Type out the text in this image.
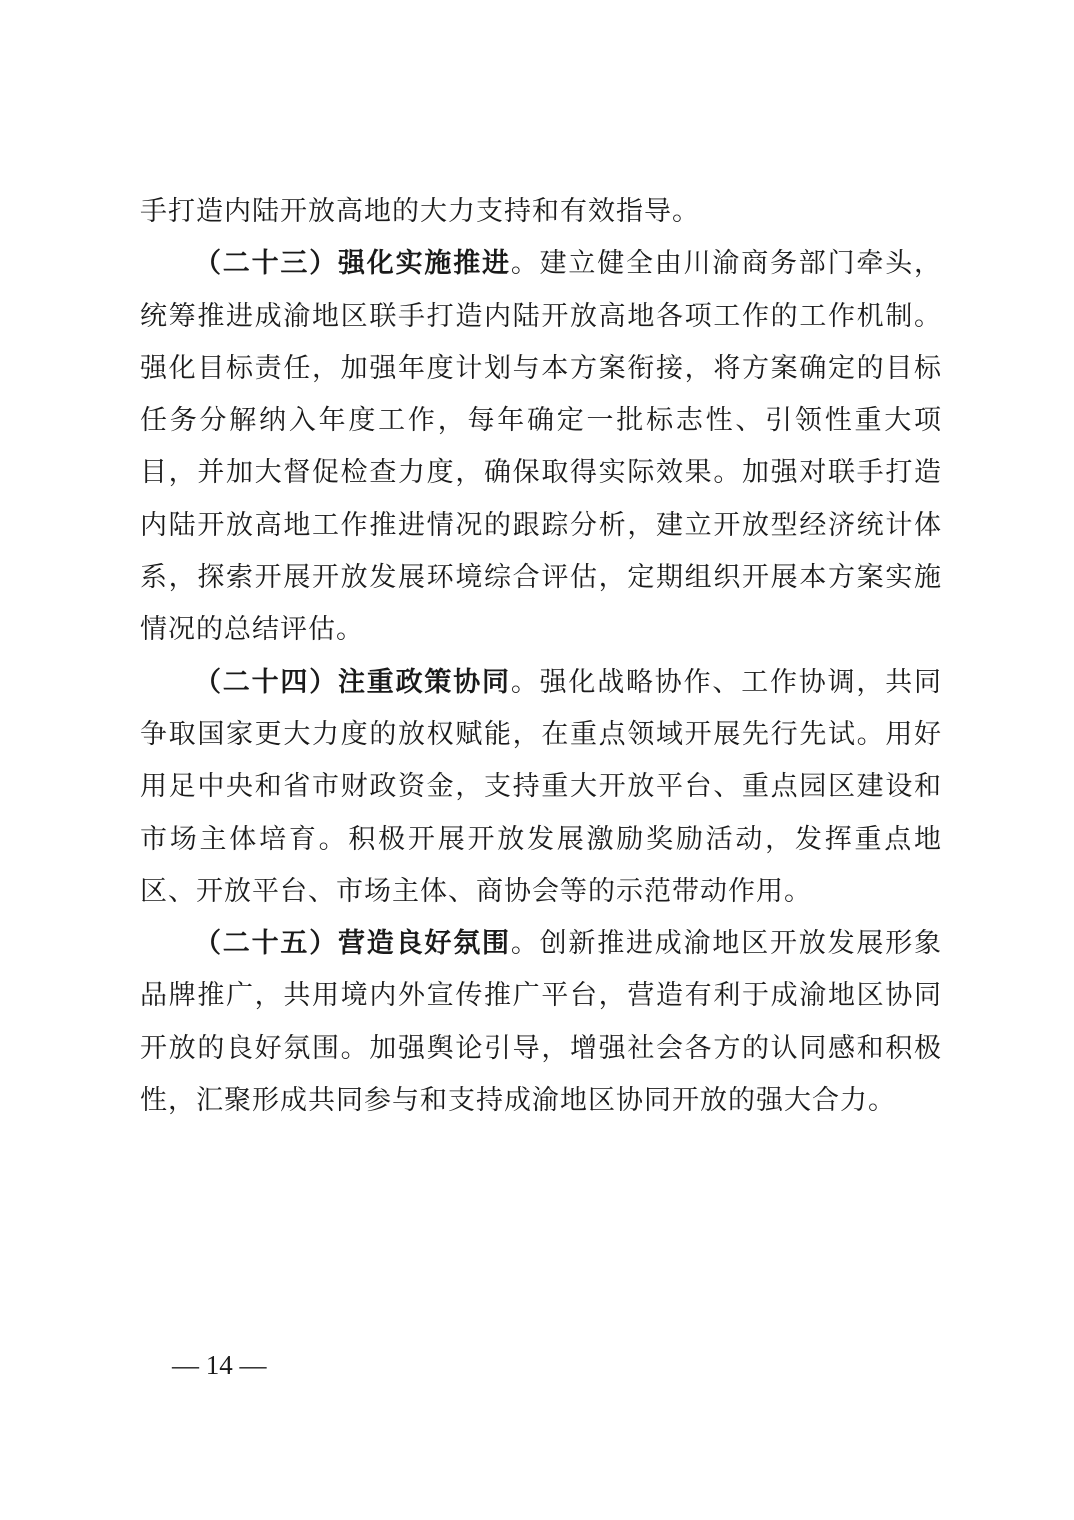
手打造内陆开放高地的大力支持和有效指导。

（二十三）强化实施推进。建立健全由川渝商务部门牵头，统筹推进成渝地区联手打造内陆开放高地各项工作的工作机制。强化目标责任，加强年度计划与本方案衔接，将方案确定的目标任务分解纳入年度工作，每年确定一批标志性、引领性重大项目，并加大督促检查力度，确保取得实际效果。加强对联手打造内陆开放高地工作推进情况的跟踪分析，建立开放型经济统计体系，探索开展开放发展环境综合评估，定期组织开展本方案实施情况的总结评估。

（二十四）注重政策协同。强化战略协作、工作协调，共同争取国家更大力度的放权赋能，在重点领域开展先行先试。用好用足中央和省市财政资金，支持重大开放平台、重点园区建设和市场主体培育。积极开展开放发展激励奖励活动，发挥重点地区、开放平台、市场主体、商协会等的示范带动作用。

（二十五）营造良好氛围。创新推进成渝地区开放发展形象品牌推广，共用境内外宣传推广平台，营造有利于成渝地区协同开放的良好氛围。加强舆论引导，增强社会各方的认同感和积极性，汇聚形成共同参与和支持成渝地区协同开放的强大合力。

— 14 —
